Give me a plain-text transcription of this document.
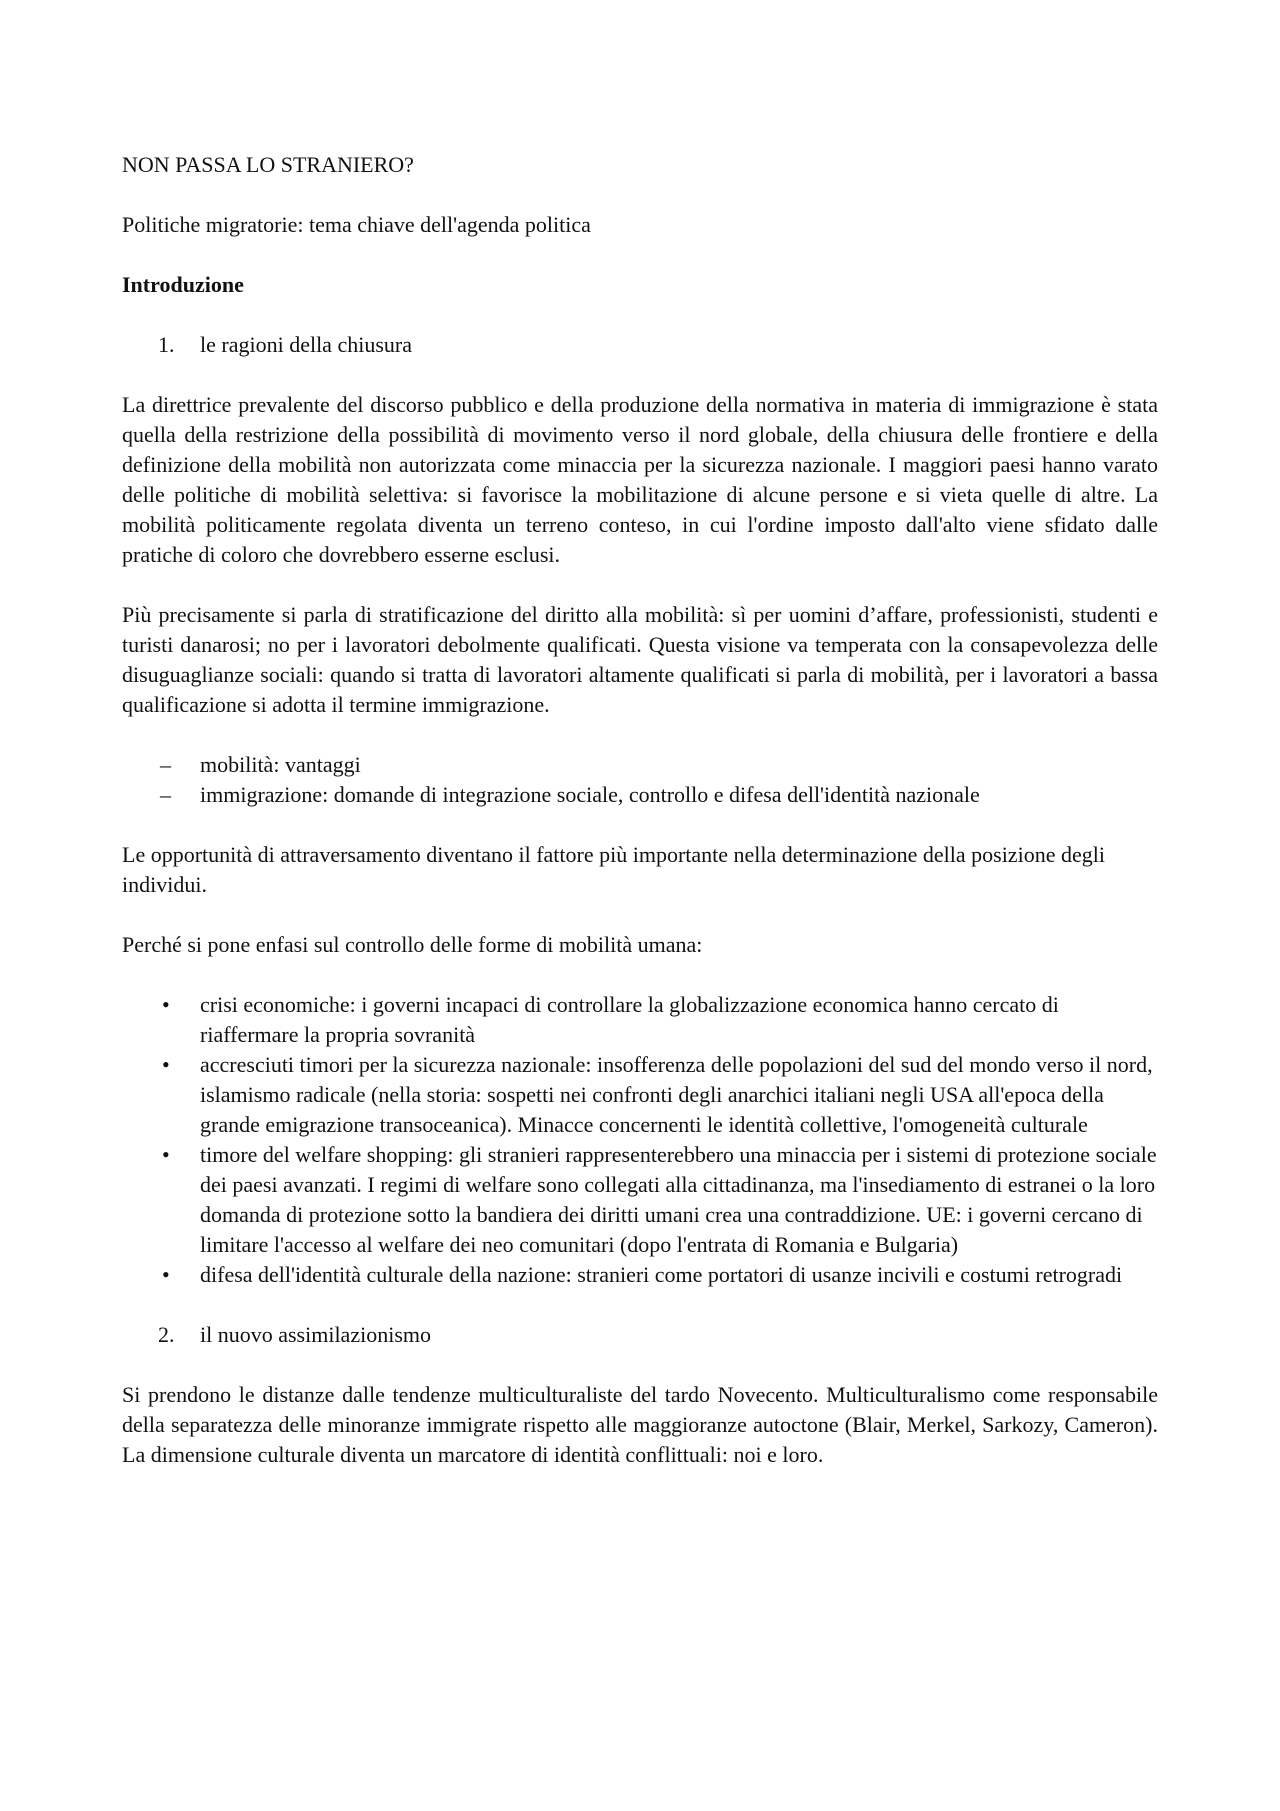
NON PASSA LO STRANIERO?

Politiche migratorie: tema chiave dell'agenda politica

Introduzione

1. le ragioni della chiusura

La direttrice prevalente del discorso pubblico e della produzione della normativa in materia di immigrazione è stata quella della restrizione della possibilità di movimento verso il nord globale, della chiusura delle frontiere e della definizione della mobilità non autorizzata come minaccia per la sicurezza nazionale. I maggiori paesi hanno varato delle politiche di mobilità selettiva: si favorisce la mobilitazione di alcune persone e si vieta quelle di altre. La mobilità politicamente regolata diventa un terreno conteso, in cui l'ordine imposto dall'alto viene sfidato dalle pratiche di coloro che dovrebbero esserne esclusi.

Più precisamente si parla di stratificazione del diritto alla mobilità: sì per uomini d’affare, professionisti, studenti e turisti danarosi; no per i lavoratori debolmente qualificati. Questa visione va temperata con la consapevolezza delle disuguaglianze sociali: quando si tratta di lavoratori altamente qualificati si parla di mobilità, per i lavoratori a bassa qualificazione si adotta il termine immigrazione.

– mobilità: vantaggi
– immigrazione: domande di integrazione sociale, controllo e difesa dell'identità nazionale

Le opportunità di attraversamento diventano il fattore più importante nella determinazione della posizione degli individui.

Perché si pone enfasi sul controllo delle forme di mobilità umana:

• crisi economiche: i governi incapaci di controllare la globalizzazione economica hanno cercato di riaffermare la propria sovranità
• accresciuti timori per la sicurezza nazionale: insofferenza delle popolazioni del sud del mondo verso il nord, islamismo radicale (nella storia: sospetti nei confronti degli anarchici italiani negli USA all'epoca della grande emigrazione transoceanica). Minacce concernenti le identità collettive, l'omogeneità culturale
• timore del welfare shopping: gli stranieri rappresenterebbero una minaccia per i sistemi di protezione sociale dei paesi avanzati. I regimi di welfare sono collegati alla cittadinanza, ma l'insediamento di estranei o la loro domanda di protezione sotto la bandiera dei diritti umani crea una contraddizione. UE: i governi cercano di limitare l'accesso al welfare dei neo comunitari (dopo l'entrata di Romania e Bulgaria)
• difesa dell'identità culturale della nazione: stranieri come portatori di usanze incivili e costumi retrogradi
2. il nuovo assimilazionismo

Si prendono le distanze dalle tendenze multiculturaliste del tardo Novecento. Multiculturalismo come responsabile della separatezza delle minoranze immigrate rispetto alle maggioranze autoctone (Blair, Merkel, Sarkozy, Cameron). La dimensione culturale diventa un marcatore di identità conflittuali: noi e loro.
